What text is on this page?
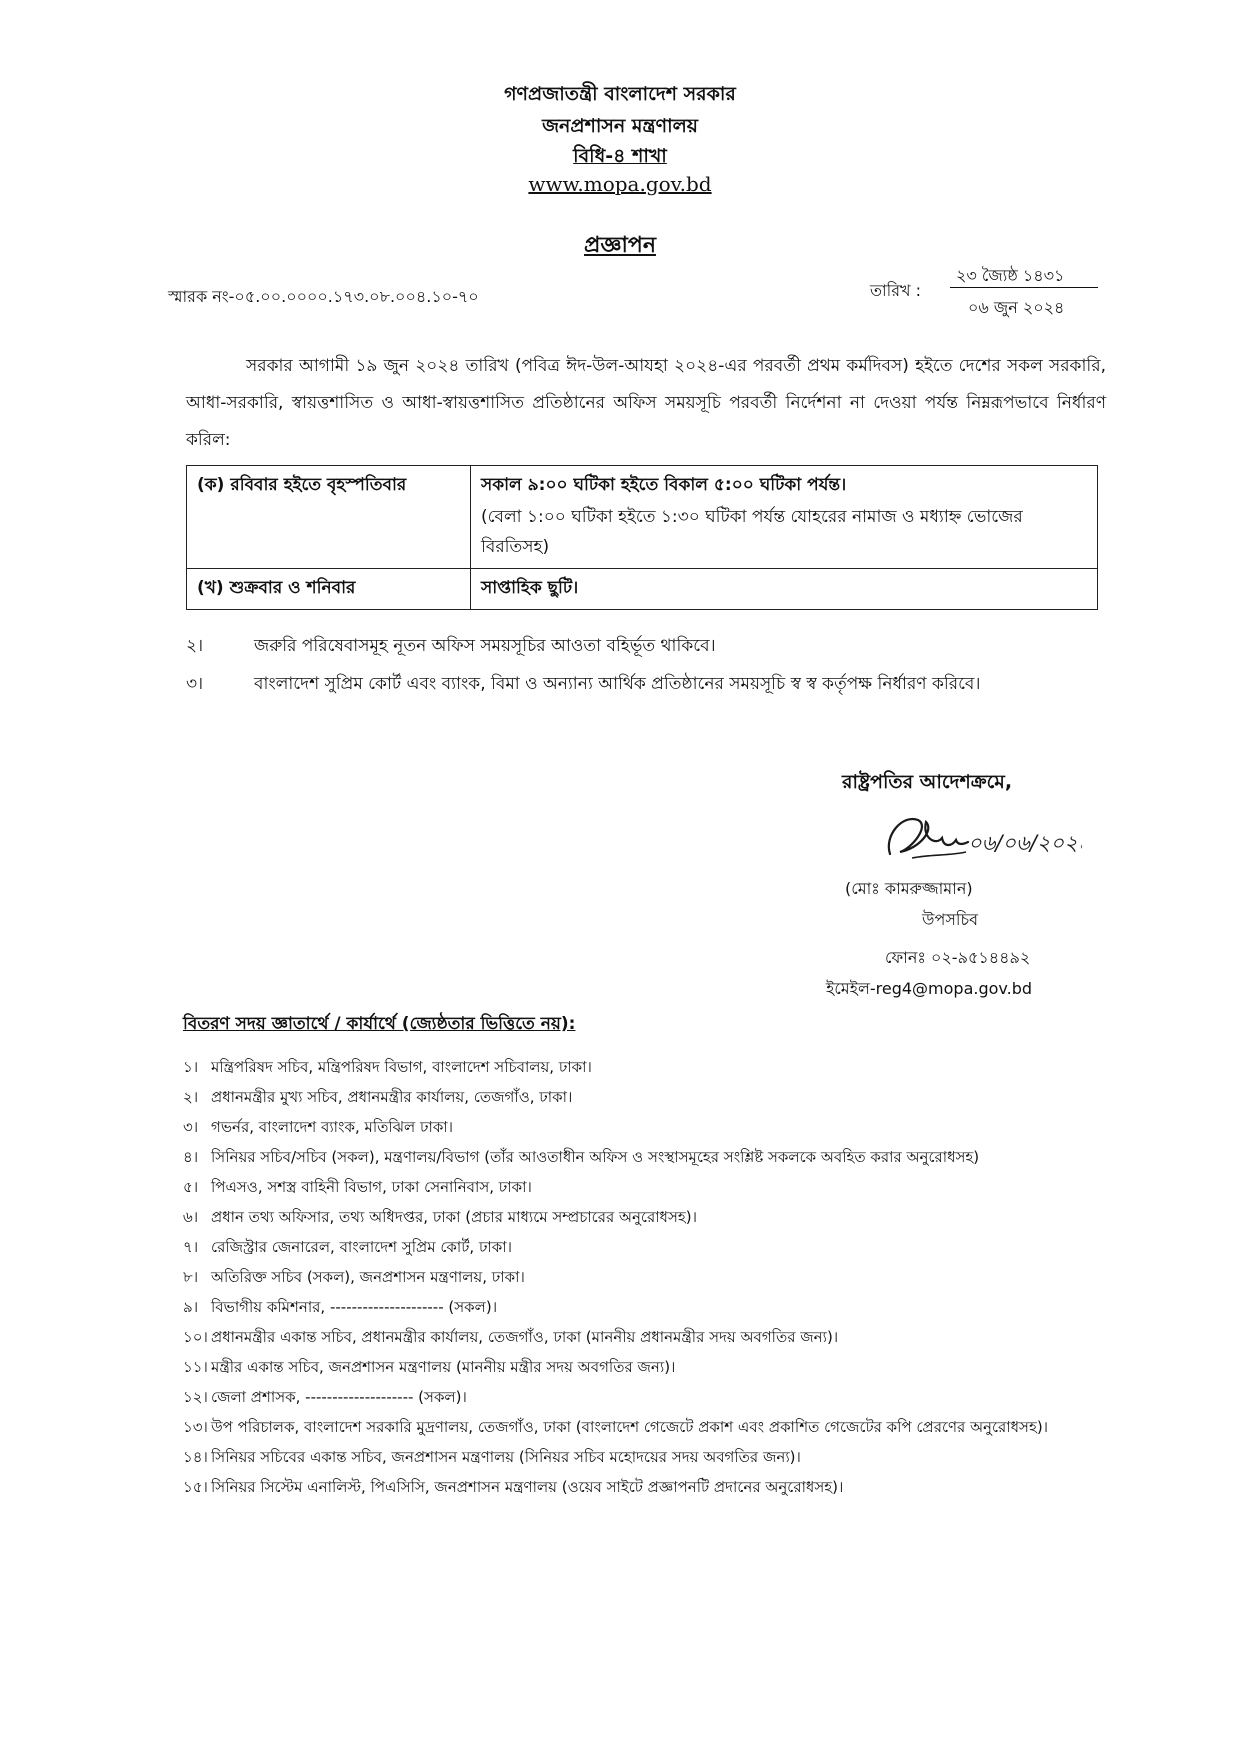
গণপ্রজাতন্ত্রী বাংলাদেশ সরকার
জনপ্রশাসন মন্ত্রণালয়
বিধি-৪ শাখা
www.mopa.gov.bd
প্রজ্ঞাপন
স্মারক নং-০৫.০০.০০০০.১৭৩.০৮.০০৪.১০-৭০	তারিখ :
২৩ জ্যৈষ্ঠ ১৪৩১
০৬ জুন ২০২৪

সরকার আগামী ১৯ জুন ২০২৪ তারিখ (পবিত্র ঈদ-উল-আযহা ২০২৪-এর পরবর্তী প্রথম কর্মদিবস) হইতে দেশের সকল সরকারি, আধা-সরকারি, স্বায়ত্তশাসিত ও আধা-স্বায়ত্তশাসিত প্রতিষ্ঠানের অফিস সময়সূচি পরবর্তী নির্দেশনা না দেওয়া পর্যন্ত নিম্নরূপভাবে নির্ধারণ করিল:

(ক) রবিবার হইতে বৃহস্পতিবার	সকাল ৯:০০ ঘটিকা হইতে বিকাল ৫:০০ ঘটিকা পর্যন্ত।
(বেলা ১:০০ ঘটিকা হইতে ১:৩০ ঘটিকা পর্যন্ত যোহরের নামাজ ও মধ্যাহ্ন ভোজের বিরতিসহ)

(খ) শুক্রবার ও শনিবার	সাপ্তাহিক ছুটি।
২।	জরুরি পরিষেবাসমূহ নূতন অফিস সময়সূচির আওতা বহির্ভূত থাকিবে।
৩।	বাংলাদেশ সুপ্রিম কোর্ট এবং ব্যাংক, বিমা ও অন্যান্য আর্থিক প্রতিষ্ঠানের সময়সূচি স্ব স্ব কর্তৃপক্ষ নির্ধারণ করিবে।
রাষ্ট্রপতির আদেশক্রমে,
০৬/০৬/২০২৪
(মোঃ কামরুজ্জামান)
উপসচিব
ফোনঃ ০২-৯৫১৪৪৯২
ইমেইল-reg4@mopa.gov.bd
বিতরণ সদয় জ্ঞাতার্থে / কার্যার্থে (জ্যেষ্ঠতার ভিত্তিতে নয়):
১। মন্ত্রিপরিষদ সচিব, মন্ত্রিপরিষদ বিভাগ, বাংলাদেশ সচিবালয়, ঢাকা।
২। প্রধানমন্ত্রীর মুখ্য সচিব, প্রধানমন্ত্রীর কার্যালয়, তেজগাঁও, ঢাকা।
৩। গভর্নর, বাংলাদেশ ব্যাংক, মতিঝিল ঢাকা।
৪। সিনিয়র সচিব/সচিব (সকল), মন্ত্রণালয়/বিভাগ (তাঁর আওতাধীন অফিস ও সংস্থাসমূহের সংশ্লিষ্ট সকলকে অবহিত করার অনুরোধসহ)
৫। পিএসও, সশস্ত্র বাহিনী বিভাগ, ঢাকা সেনানিবাস, ঢাকা।
৬। প্রধান তথ্য অফিসার, তথ্য অধিদপ্তর, ঢাকা (প্রচার মাধ্যমে সম্প্রচারের অনুরোধসহ)।
৭। রেজিস্ট্রার জেনারেল, বাংলাদেশ সুপ্রিম কোর্ট, ঢাকা।
৮। অতিরিক্ত সচিব (সকল), জনপ্রশাসন মন্ত্রণালয়, ঢাকা।
৯। বিভাগীয় কমিশনার, --------------------- (সকল)।
১০। প্রধানমন্ত্রীর একান্ত সচিব, প্রধানমন্ত্রীর কার্যালয়, তেজগাঁও, ঢাকা (মাননীয় প্রধানমন্ত্রীর সদয় অবগতির জন্য)।
১১। মন্ত্রীর একান্ত সচিব, জনপ্রশাসন মন্ত্রণালয় (মাননীয় মন্ত্রীর সদয় অবগতির জন্য)।
১২। জেলা প্রশাসক, -------------------- (সকল)।
১৩। উপ পরিচালক, বাংলাদেশ সরকারি মুদ্রণালয়, তেজগাঁও, ঢাকা (বাংলাদেশ গেজেটে প্রকাশ এবং প্রকাশিত গেজেটের কপি প্রেরণের অনুরোধসহ)।
১৪। সিনিয়র সচিবের একান্ত সচিব, জনপ্রশাসন মন্ত্রণালয় (সিনিয়র সচিব মহোদয়ের সদয় অবগতির জন্য)।
১৫। সিনিয়র সিস্টেম এনালিস্ট, পিএসিসি, জনপ্রশাসন মন্ত্রণালয় (ওয়েব সাইটে প্রজ্ঞাপনটি প্রদানের অনুরোধসহ)।
